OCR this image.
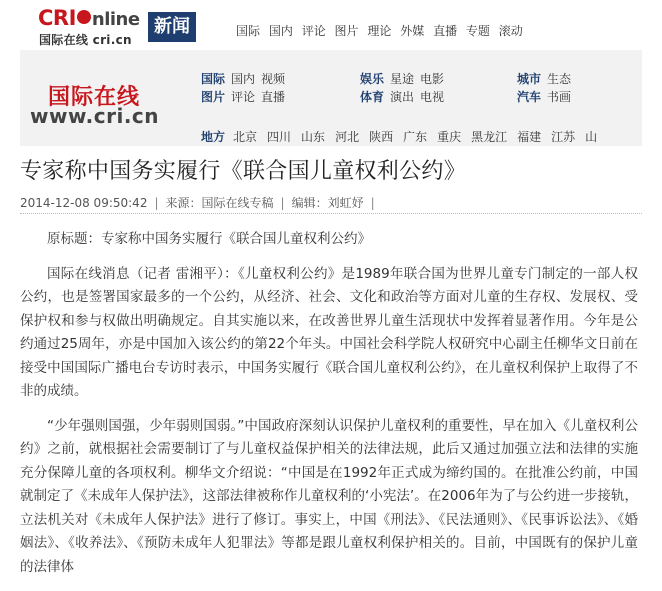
CRI nline
国际在线 cri.cn
新闻	国际 国内 评论 图片 理论 外媒 直播 专题 滚动
国际在线
www.cri.cn
国际 国内 视频
图片 评论 直播
娱乐 星途 电影
体育 演出 电视
城市 生态
汽车 书画
地方 北京 四川 山东 河北 陕西 广东 重庆 黑龙江 福建 江苏 山
专家称中国务实履行《联合国儿童权利公约》
2014-12-08 09:50:42 | 来源：国际在线专稿 | 编辑：刘虹妤 |

原标题：专家称中国务实履行《联合国儿童权利公约》

国际在线消息（记者 雷湘平）：《儿童权利公约》是1989年联合国为世界儿童专门制定的一部人权公约，也是签署国家最多的一个公约，从经济、社会、文化和政治等方面对儿童的生存权、发展权、受保护权和参与权做出明确规定。自其实施以来，在改善世界儿童生活现状中发挥着显著作用。今年是公约通过25周年，亦是中国加入该公约的第22个年头。中国社会科学院人权研究中心副主任柳华文日前在接受中国国际广播电台专访时表示，中国务实履行《联合国儿童权利公约》，在儿童权利保护上取得了不非的成绩。

“少年强则国强，少年弱则国弱。”中国政府深刻认识保护儿童权利的重要性，早在加入《儿童权利公约》之前，就根据社会需要制订了与儿童权益保护相关的法律法规，此后又通过加强立法和法律的实施充分保障儿童的各项权利。柳华文介绍说：“中国是在1992年正式成为缔约国的。在批准公约前，中国就制定了《未成年人保护法》，这部法律被称作儿童权利的‘小宪法’。在2006年为了与公约进一步接轨，立法机关对《未成年人保护法》进行了修订。事实上，中国《刑法》、《民法通则》、《民事诉讼法》、《婚姻法》、《收养法》、《预防未成年人犯罪法》等都是跟儿童权利保护相关的。目前，中国既有的保护儿童的法律体
